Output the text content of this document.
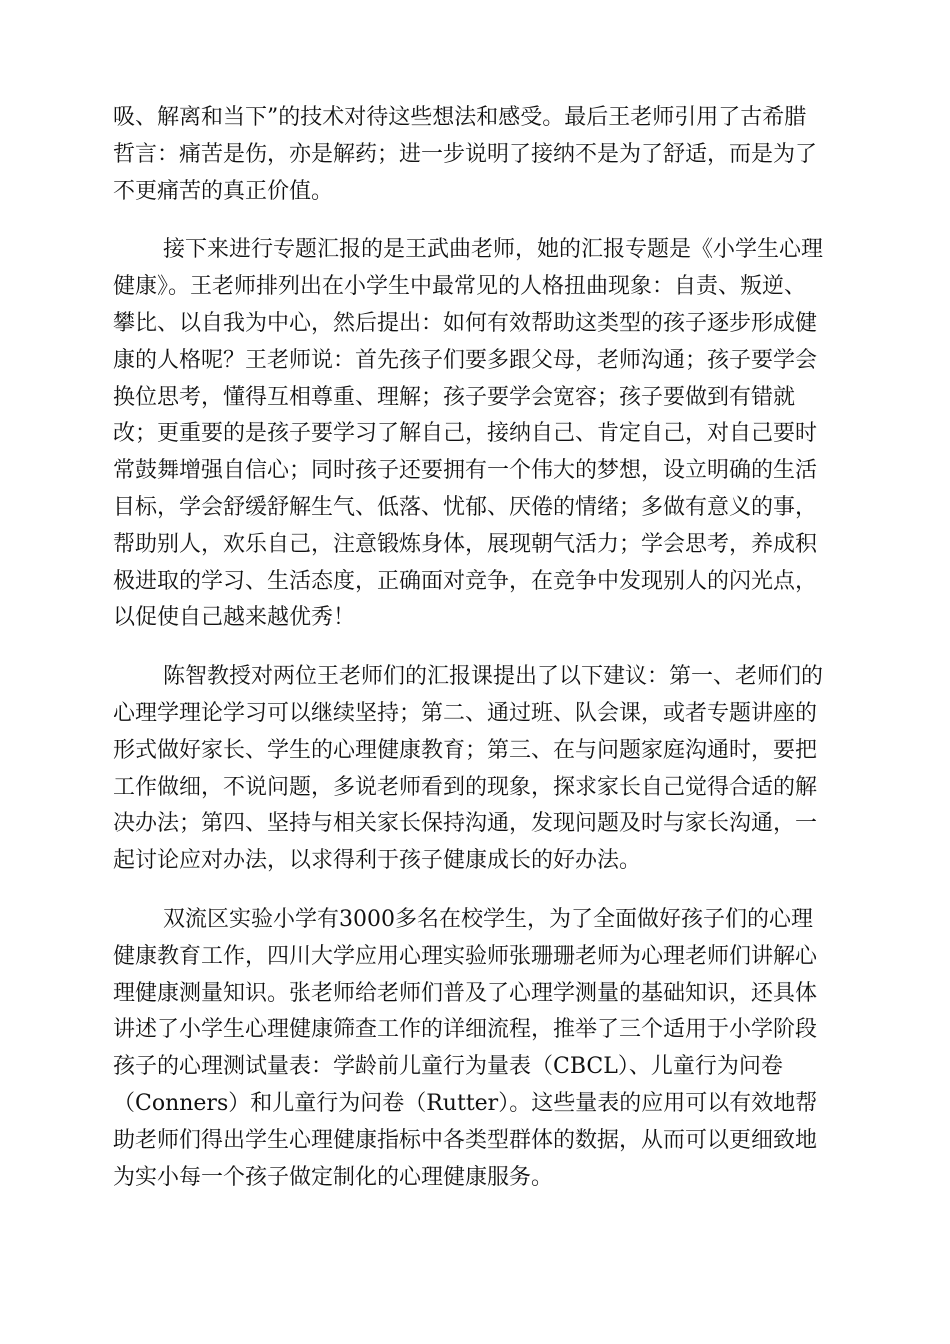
吸、解离和当下”的技术对待这些想法和感受。最后王老师引用了古希腊
哲言：痛苦是伤，亦是解药；进一步说明了接纳不是为了舒适，而是为了
不更痛苦的真正价值。
接下来进行专题汇报的是王武曲老师，她的汇报专题是《小学生心理
健康》。王老师排列出在小学生中最常见的人格扭曲现象：自责、叛逆、
攀比、以自我为中心，然后提出：如何有效帮助这类型的孩子逐步形成健
康的人格呢？王老师说：首先孩子们要多跟父母，老师沟通；孩子要学会
换位思考，懂得互相尊重、理解；孩子要学会宽容；孩子要做到有错就
改；更重要的是孩子要学习了解自己，接纳自己、肯定自己，对自己要时
常鼓舞增强自信心；同时孩子还要拥有一个伟大的梦想，设立明确的生活
目标，学会舒缓舒解生气、低落、忧郁、厌倦的情绪；多做有意义的事，
帮助别人，欢乐自己，注意锻炼身体，展现朝气活力；学会思考，养成积
极进取的学习、生活态度，正确面对竞争，在竞争中发现别人的闪光点，
以促使自己越来越优秀！
陈智教授对两位王老师们的汇报课提出了以下建议：第一、老师们的
心理学理论学习可以继续坚持；第二、通过班、队会课，或者专题讲座的
形式做好家长、学生的心理健康教育；第三、在与问题家庭沟通时，要把
工作做细，不说问题，多说老师看到的现象，探求家长自己觉得合适的解
决办法；第四、坚持与相关家长保持沟通，发现问题及时与家长沟通，一
起讨论应对办法，以求得利于孩子健康成长的好办法。
双流区实验小学有3000多名在校学生，为了全面做好孩子们的心理
健康教育工作，四川大学应用心理实验师张珊珊老师为心理老师们讲解心
理健康测量知识。张老师给老师们普及了心理学测量的基础知识，还具体
讲述了小学生心理健康筛查工作的详细流程，推举了三个适用于小学阶段
孩子的心理测试量表：学龄前儿童行为量表（CBCL）、儿童行为问卷
（Conners）和儿童行为问卷（Rutter）。这些量表的应用可以有效地帮
助老师们得出学生心理健康指标中各类型群体的数据，从而可以更细致地
为实小每一个孩子做定制化的心理健康服务。
